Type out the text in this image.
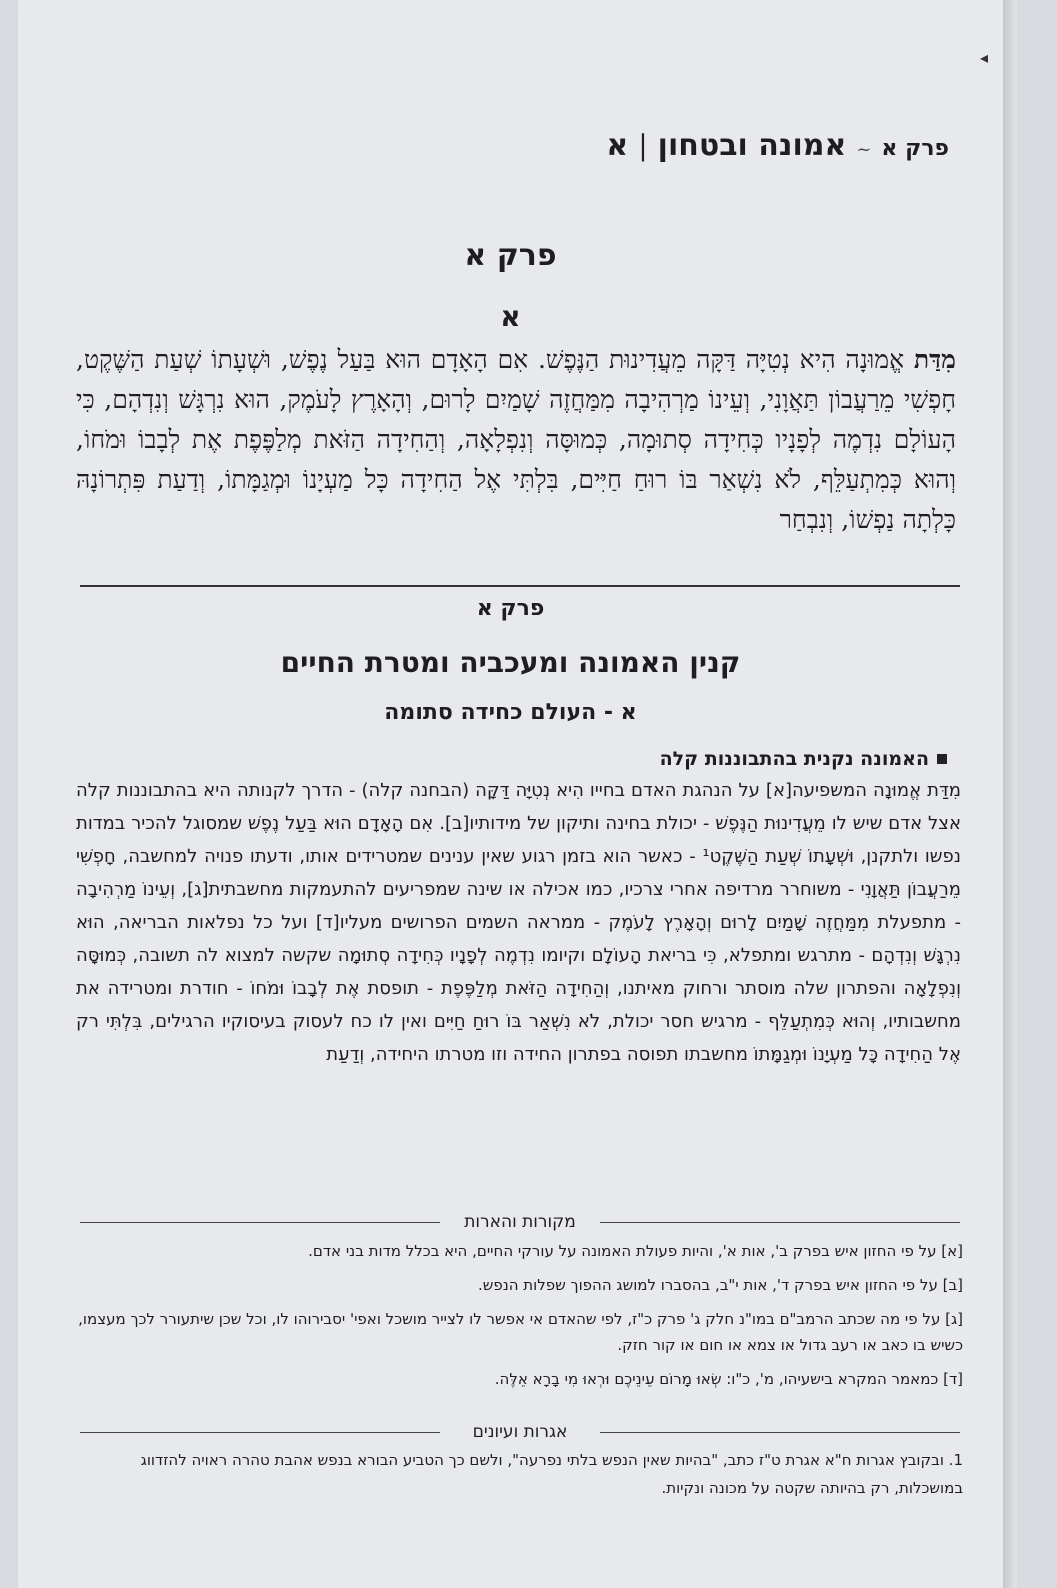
◂
פרק א
~
אמונה ובטחון
|
א
פרק א
א
מִדַּת אֱמוּנָה הִיא נְטִיָּה דַּקָּה מֵעֲדִינוּת הַנֶּפֶשׁ. אִם הָאָדָם הוּא בַּעַל נֶפֶשׁ, וּשְׁעָתוֹ שְׁעַת הַשֶּׁקֶט, חָפְשִׁי מֵרַעֲבוֹן תַּאֲוָנִי, וְעֵינוֹ מַרְהִיבָה מִמַּחֲזֶה שָׁמַיִם לָרוּם, וְהָאָרֶץ לָעֹמֶק, הוּא נִרְגָּשׁ וְנִדְהָם, כִּי הָעוֹלָם נִדְמֶה לְפָנָיו כְּחִידָה סְתוּמָה, כְּמוּסָּה וְנִפְלָאָה, וְהַחִידָה הַזֹּאת מְלַפֶּפֶת אֶת לְבָבוֹ וּמֹחוֹ, וְהוּא כְּמִתְעַלֵּף, לֹא נִשְׁאַר בּוֹ רוּחַ חַיִּים, בִּלְתִּי אֶל הַחִידָה כָּל מַעְיָנוֹ וּמְגַמָּתוֹ, וְדַעַת פִּתְרוֹנָהּ כָּלְתָה נַפְשׁוֹ, וְנִבְחַר
פרק א
קנין האמונה ומעכביה ומטרת החיים
א - העולם כחידה סתומה
האמונה נקנית בהתבוננות קלה
מִדַּת אֱמוּנָה המשפיעה[א] על הנהגת האדם בחייו הִיא נְטִיָּה דַּקָּה (הבחנה קלה) - הדרך לקנותה היא בהתבוננות קלה אצל אדם שיש לו מֵעֲדִינוּת הַנֶּפֶשׁ - יכולת בחינה ותיקון של מידותיו[ב]. אִם הָאָדָם הוּא בַּעַל נֶפֶשׁ שמסוגל להכיר במדות נפשו ולתקנן, וּשְׁעָתוֹ שְׁעַת הַשֶּׁקֶט¹ - כאשר הוא בזמן רגוע שאין ענינים שמטרידים אותו, ודעתו פנויה למחשבה, חָפְשִׁי מֵרַעֲבוֹן תַּאֲוָנִי - משוחרר מרדיפה אחרי צרכיו, כמו אכילה או שינה שמפריעים להתעמקות מחשבתית[ג], וְעֵינוֹ מַרְהִיבָה - מתפעלת מִמַּחֲזֶה שָׁמַיִם לָרוּם וְהָאָרֶץ לָעֹמֶק - ממראה השמים הפרושים מעליו[ד] ועל כל נפלאות הבריאה, הוּא נִרְגָּשׁ וְנִדְהָם - מתרגש ומתפלא, כִּי בריאת הָעוֹלָם וקיומו נִדְמֶה לְפָנָיו כְּחִידָה סְתוּמָה שקשה למצוא לה תשובה, כְּמוּסָּה וְנִפְלָאָה והפתרון שלה מוסתר ורחוק מאיתנו, וְהַחִידָה הַזֹּאת מְלַפֶּפֶת - תופסת אֶת לְבָבוֹ וּמֹחוֹ - חודרת ומטרידה את מחשבותיו, וְהוּא כְּמִתְעַלֵּף - מרגיש חסר יכולת, לֹא נִשְׁאַר בּוֹ רוּחַ חַיִּים ואין לו כח לעסוק בעיסוקיו הרגילים, בִּלְתִּי רק אֶל הַחִידָה כָּל מַעְיָנוֹ וּמְגַמָּתוֹ מחשבתו תפוסה בפתרון החידה וזו מטרתו היחידה, וְדַעַת
מקורות והארות

[א] על פי החזון איש בפרק ב', אות א', והיות פעולת האמונה על עורקי החיים, היא בכלל מדות בני אדם.

[ב] על פי החזון איש בפרק ד', אות י"ב, בהסברו למושג ההפוך שפלות הנפש.

[ג] על פי מה שכתב הרמב"ם במו"נ חלק ג' פרק כ"ז, לפי שהאדם אי אפשר לו לצייר מושכל ואפי' יסבירוהו לו, וכל שכן שיתעורר לכך מעצמו, כשיש בו כאב או רעב גדול או צמא או חום או קור חזק.

[ד] כמאמר המקרא בישעיהו, מ', כ"ו: שְׂאוּ מָרוֹם עֵינֵיכֶם וּרְאוּ מִי בָרָא אֵלֶּה.

אגרות ועיונים
1. ובקובץ אגרות ח"א אגרת ט"ז כתב, "בהיות שאין הנפש בלתי נפרעה", ולשם כך הטביע הבורא בנפש אהבת טהרה ראויה להזדווג במושכלות, רק בהיותה שקטה על מכונה ונקיות.
